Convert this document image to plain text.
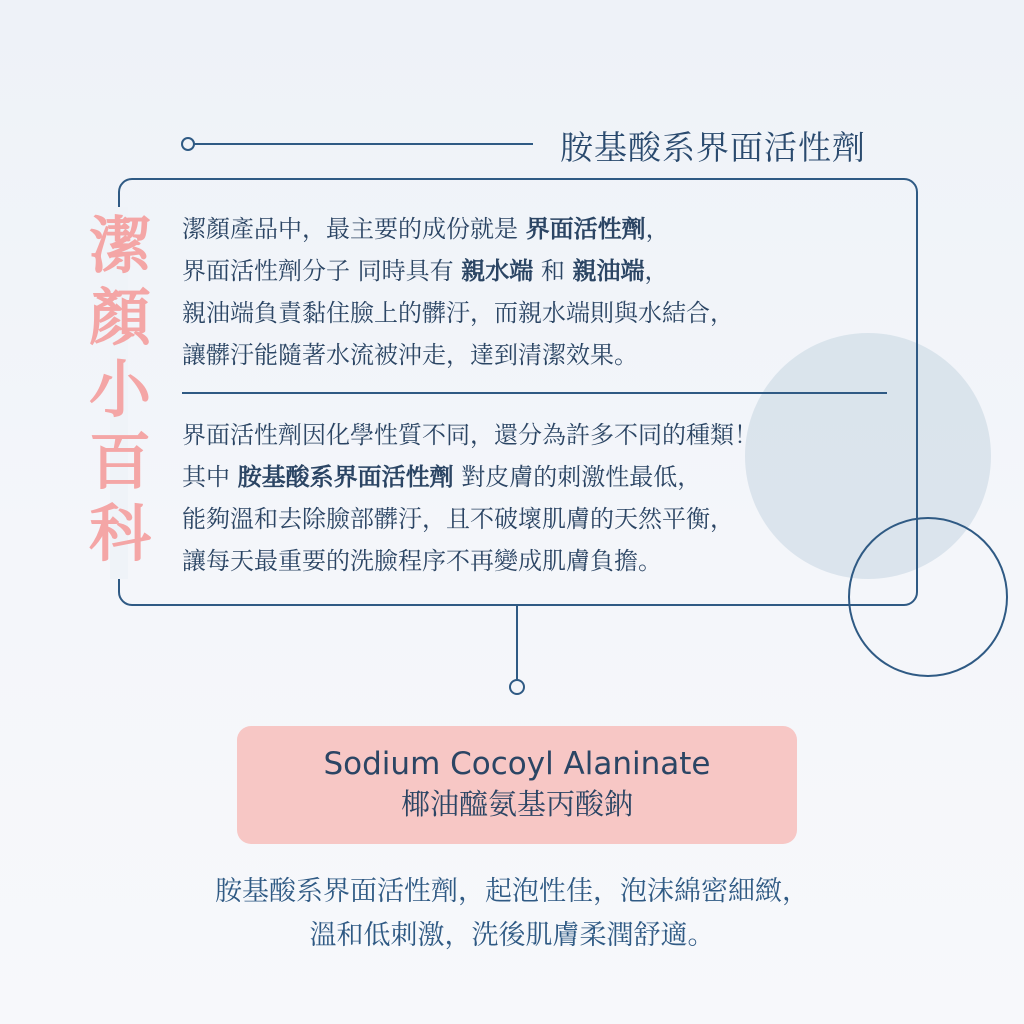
胺基酸系界面活性劑
潔
顏
小
百
科
潔顏產品中，最主要的成份就是 界面活性劑，
界面活性劑分子 同時具有 親水端 和 親油端，
親油端負責黏住臉上的髒汙，而親水端則與水結合，
讓髒汙能隨著水流被沖走，達到清潔效果。
界面活性劑因化學性質不同，還分為許多不同的種類！
其中 胺基酸系界面活性劑 對皮膚的刺激性最低，
能夠溫和去除臉部髒汙，且不破壞肌膚的天然平衡，
讓每天最重要的洗臉程序不再變成肌膚負擔。
Sodium Cocoyl Alaninate
椰油醯氨基丙酸鈉
胺基酸系界面活性劑，起泡性佳，泡沫綿密細緻，
溫和低刺激，洗後肌膚柔潤舒適。
